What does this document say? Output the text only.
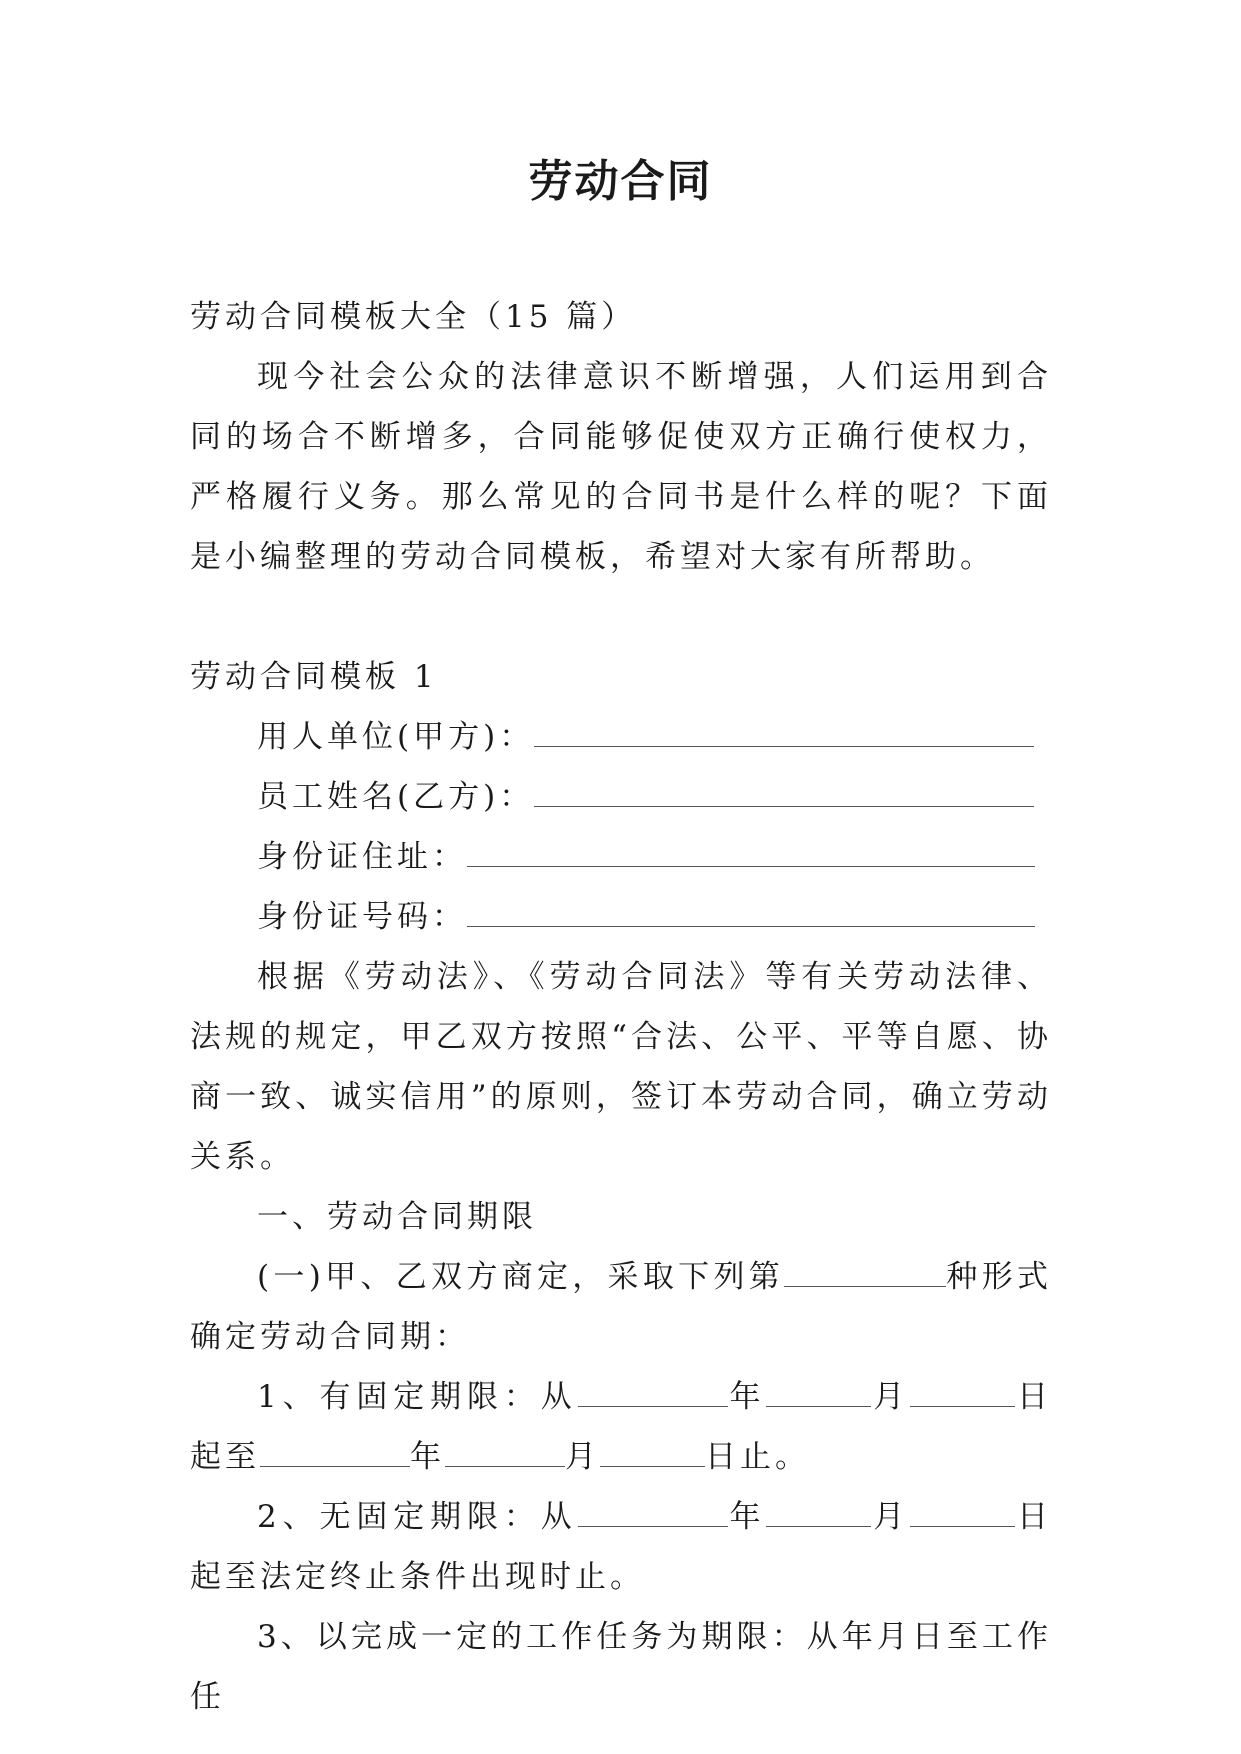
劳动合同

劳动合同模板大全（15 篇）

现今社会公众的法律意识不断增强，人们运用到合同的场合不断增多，合同能够促使双方正确行使权力，严格履行义务。那么常见的合同书是什么样的呢？下面是小编整理的劳动合同模板，希望对大家有所帮助。

劳动合同模板 1

用人单位(甲方)：

员工姓名(乙方)：

身份证住址：

身份证号码：

根据《劳动法》、《劳动合同法》等有关劳动法律、法规的规定，甲乙双方按照“合法、公平、平等自愿、协商一致、诚实信用”的原则，签订本劳动合同，确立劳动关系。

一、劳动合同期限

(一)甲、乙双方商定，采取下列第	种形式确定劳动合同期：

1、有固定期限：从	年	月	日起至	年	月	日止。

2、无固定期限：从	年	月	日起至法定终止条件出现时止。

3、以完成一定的工作任务为期限：从年月日至工作任
